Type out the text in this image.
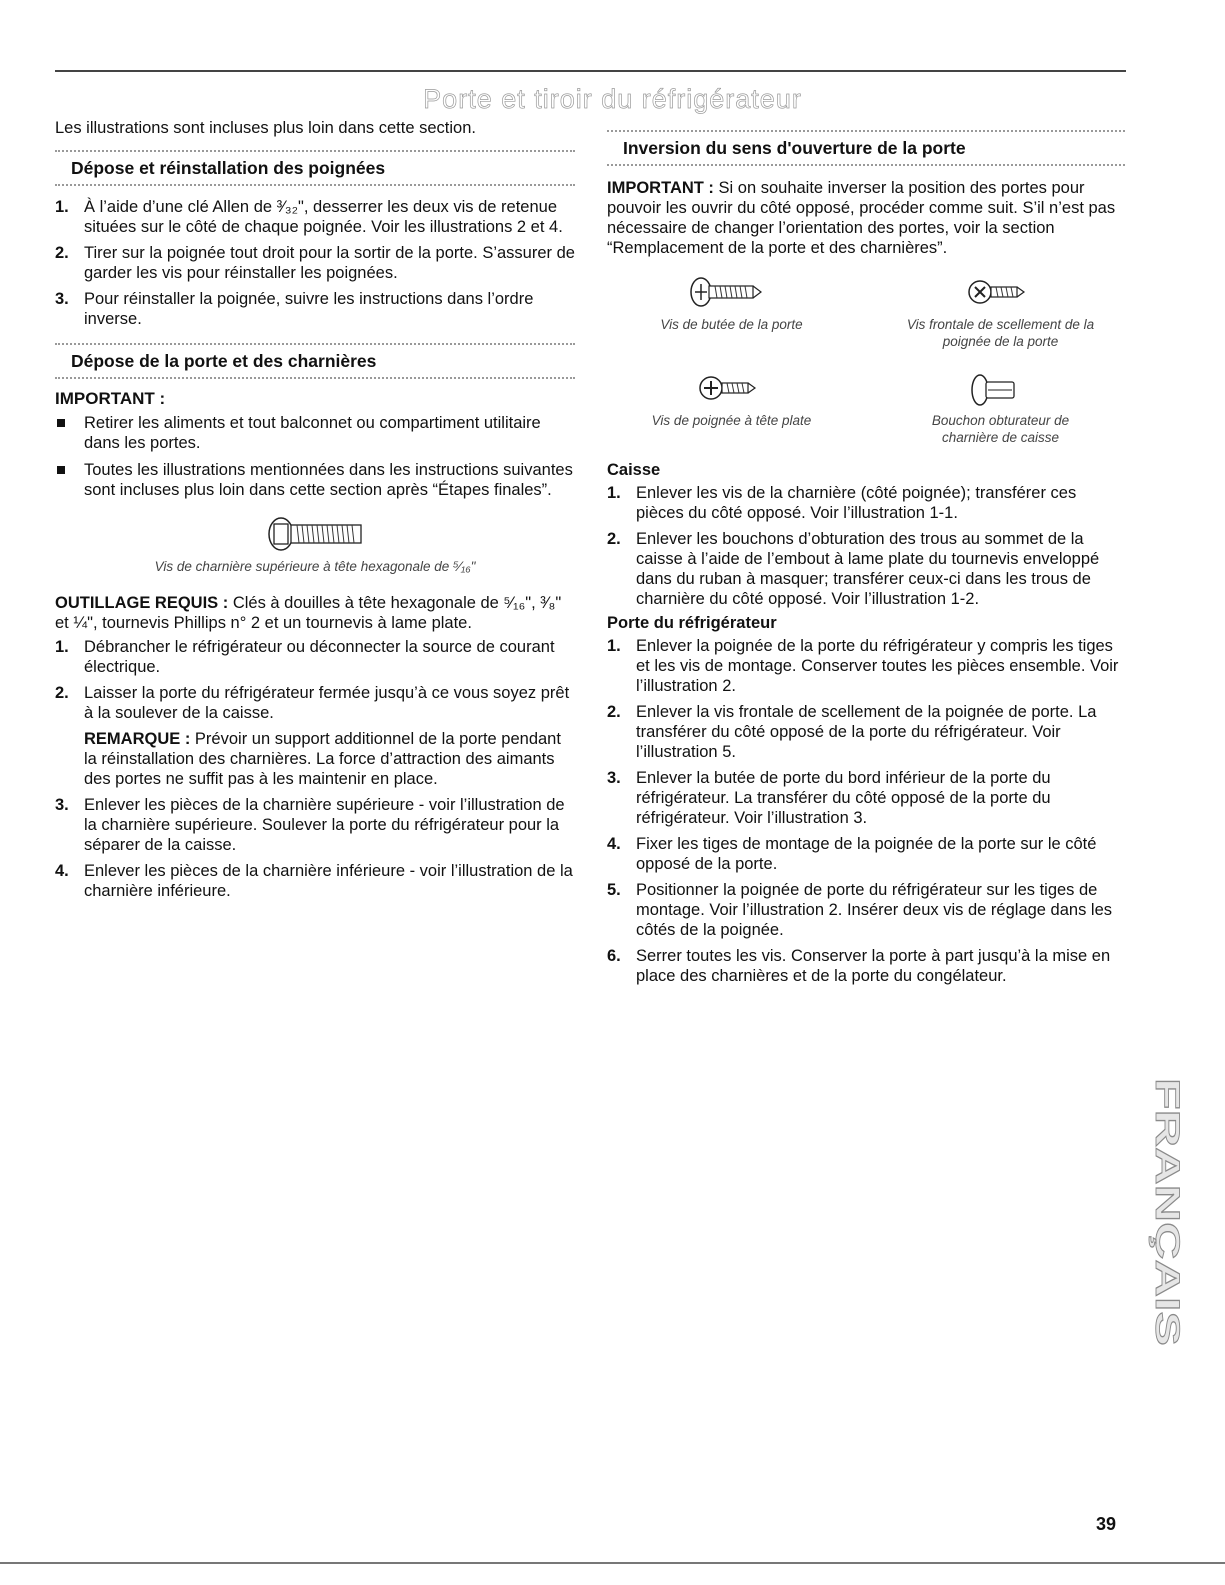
Porte et tiroir du réfrigérateur

Les illustrations sont incluses plus loin dans cette section.

Dépose et réinstallation des poignées
1. À l’aide d’une clé Allen de ³⁄₃₂", desserrer les deux vis de retenue situées sur le côté de chaque poignée. Voir les illustrations 2 et 4.
2. Tirer sur la poignée tout droit pour la sortir de la porte. S’assurer de garder les vis pour réinstaller les poignées.
3. Pour réinstaller la poignée, suivre les instructions dans l’ordre inverse.
Dépose de la porte et des charnières

IMPORTANT :

Retirer les aliments et tout balconnet ou compartiment utilitaire dans les portes.
Toutes les illustrations mentionnées dans les instructions suivantes sont incluses plus loin dans cette section après “Étapes finales”.

Vis de charnière supérieure à tête hexagonale de ⁵⁄₁₆"

OUTILLAGE REQUIS : Clés à douilles à tête hexagonale de ⁵⁄₁₆", ³⁄₈" et ¼", tournevis Phillips n° 2 et un tournevis à lame plate.

1. Débrancher le réfrigérateur ou déconnecter la source de courant électrique.
2. Laisser la porte du réfrigérateur fermée jusqu’à ce vous soyez prêt à la soulever de la caisse.

REMARQUE : Prévoir un support additionnel de la porte pendant la réinstallation des charnières. La force d’attraction des aimants des portes ne suffit pas à les maintenir en place.

3. Enlever les pièces de la charnière supérieure - voir l’illustration de la charnière supérieure. Soulever la porte du réfrigérateur pour la séparer de la caisse.
4. Enlever les pièces de la charnière inférieure - voir l’illustration de la charnière inférieure.
Inversion du sens d'ouverture de la porte

IMPORTANT : Si on souhaite inverser la position des portes pour pouvoir les ouvrir du côté opposé, procéder comme suit. S’il n’est pas nécessaire de changer l’orientation des portes, voir la section “Remplacement de la porte et des charnières”.

Vis de butée de la porte	Vis frontale de scellement de la poignée de la porte

Vis de poignée à tête plate	Bouchon obturateur de charnière de caisse

Caisse

1. Enlever les vis de la charnière (côté poignée); transférer ces pièces du côté opposé. Voir l’illustration 1-1.
2. Enlever les bouchons d’obturation des trous au sommet de la caisse à l’aide de l’embout à lame plate du tournevis enveloppé dans du ruban à masquer; transférer ceux-ci dans les trous de charnière du côté opposé. Voir l’illustration 1-2.

Porte du réfrigérateur

1. Enlever la poignée de la porte du réfrigérateur y compris les tiges et les vis de montage. Conserver toutes les pièces ensemble. Voir l’illustration 2.
2. Enlever la vis frontale de scellement de la poignée de porte. La transférer du côté opposé de la porte du réfrigérateur. Voir l’illustration 5.
3. Enlever la butée de porte du bord inférieur de la porte du réfrigérateur. La transférer du côté opposé de la porte du réfrigérateur. Voir l’illustration 3.
4. Fixer les tiges de montage de la poignée de la porte sur le côté opposé de la porte.
5. Positionner la poignée de porte du réfrigérateur sur les tiges de montage. Voir l’illustration 2. Insérer deux vis de réglage dans les côtés de la poignée.
6. Serrer toutes les vis. Conserver la porte à part jusqu’à la mise en place des charnières et de la porte du congélateur.
FRANÇAIS
39
